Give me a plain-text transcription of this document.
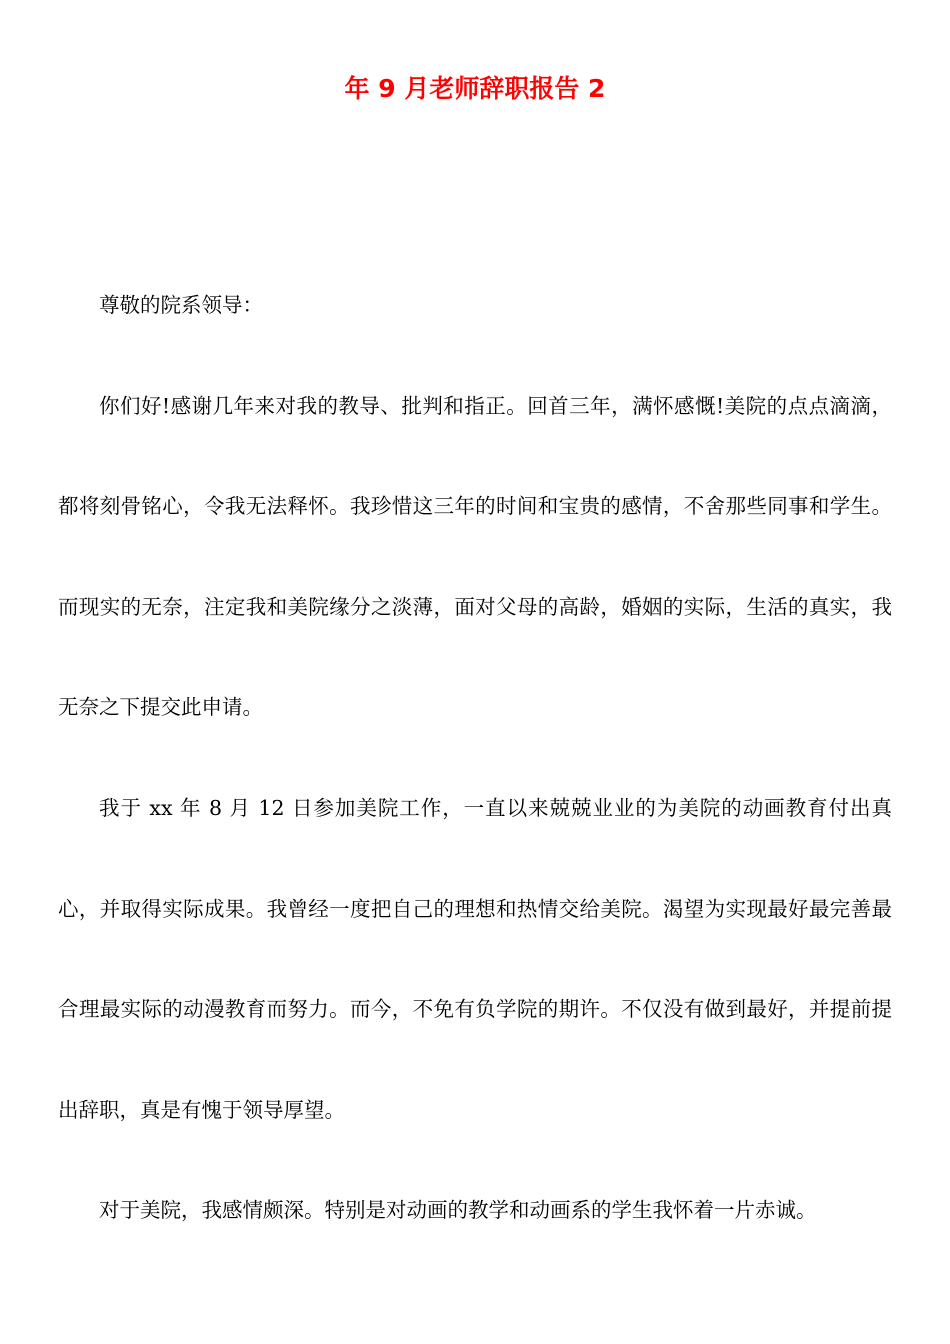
年 9 月老师辞职报告 2

尊敬的院系领导：

你们好!感谢几年来对我的教导、批判和指正。回首三年，满怀感慨!美院的点点滴滴，都将刻骨铭心，令我无法释怀。我珍惜这三年的时间和宝贵的感情，不舍那些同事和学生。而现实的无奈，注定我和美院缘分之淡薄，面对父母的高龄，婚姻的实际，生活的真实，我无奈之下提交此申请。

我于 xx 年 8 月 12 日参加美院工作，一直以来兢兢业业的为美院的动画教育付出真心，并取得实际成果。我曾经一度把自己的理想和热情交给美院。渴望为实现最好最完善最合理最实际的动漫教育而努力。而今，不免有负学院的期许。不仅没有做到最好，并提前提出辞职，真是有愧于领导厚望。

对于美院，我感情颇深。特别是对动画的教学和动画系的学生我怀着一片赤诚。
